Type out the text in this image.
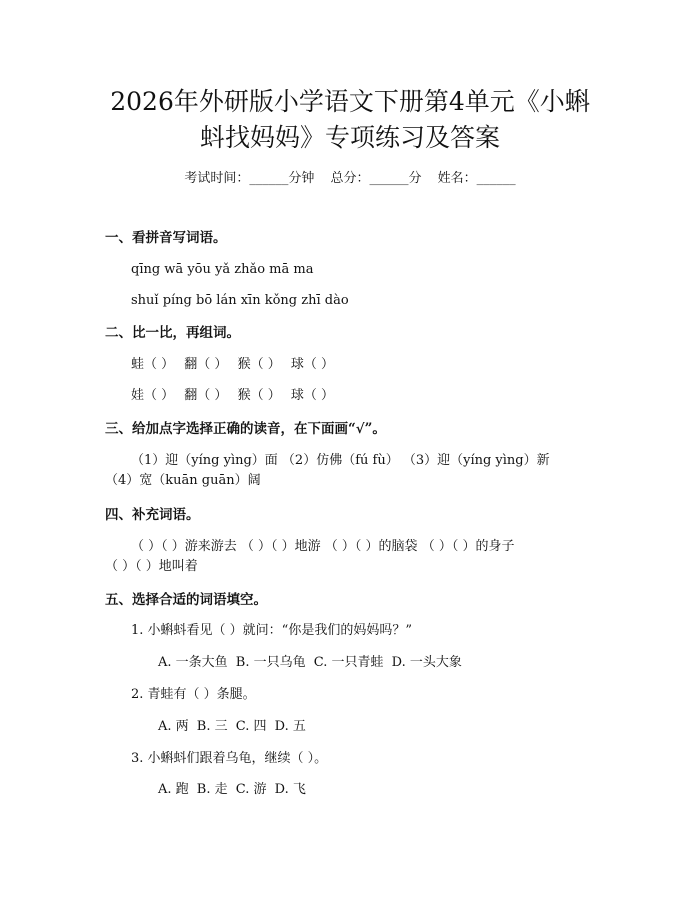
2026年外研版小学语文下册第4单元《小蝌
蚪找妈妈》专项练习及答案
考试时间：______分钟 总分：______分 姓名：______
一、看拼音写词语。
qīng wā yōu yǎ zhǎo mā ma
shuǐ píng bō lán xīn kǒng zhī dào
二、比一比，再组词。
蛙（ ） 翻（ ） 猴（ ） 球（ ）
娃（ ） 翻（ ） 猴（ ） 球（ ）
三、给加点字选择正确的读音，在下面画“√”。
（1）迎（yíng yìng）面 （2）仿佛（fú fù） （3）迎（yíng yìng）新
（4）宽（kuān guān）阔
四、补充词语。
（ ）（ ）游来游去 （ ）（ ）地游 （ ）（ ）的脑袋 （ ）（ ）的身子
（ ）（ ）地叫着
五、选择合适的词语填空。
1. 小蝌蚪看见（ ）就问：“你是我们的妈妈吗？”
A. 一条大鱼 B. 一只乌龟 C. 一只青蛙 D. 一头大象
2. 青蛙有（ ）条腿。
A. 两 B. 三 C. 四 D. 五
3. 小蝌蚪们跟着乌龟，继续（ ）。
A. 跑 B. 走 C. 游 D. 飞
